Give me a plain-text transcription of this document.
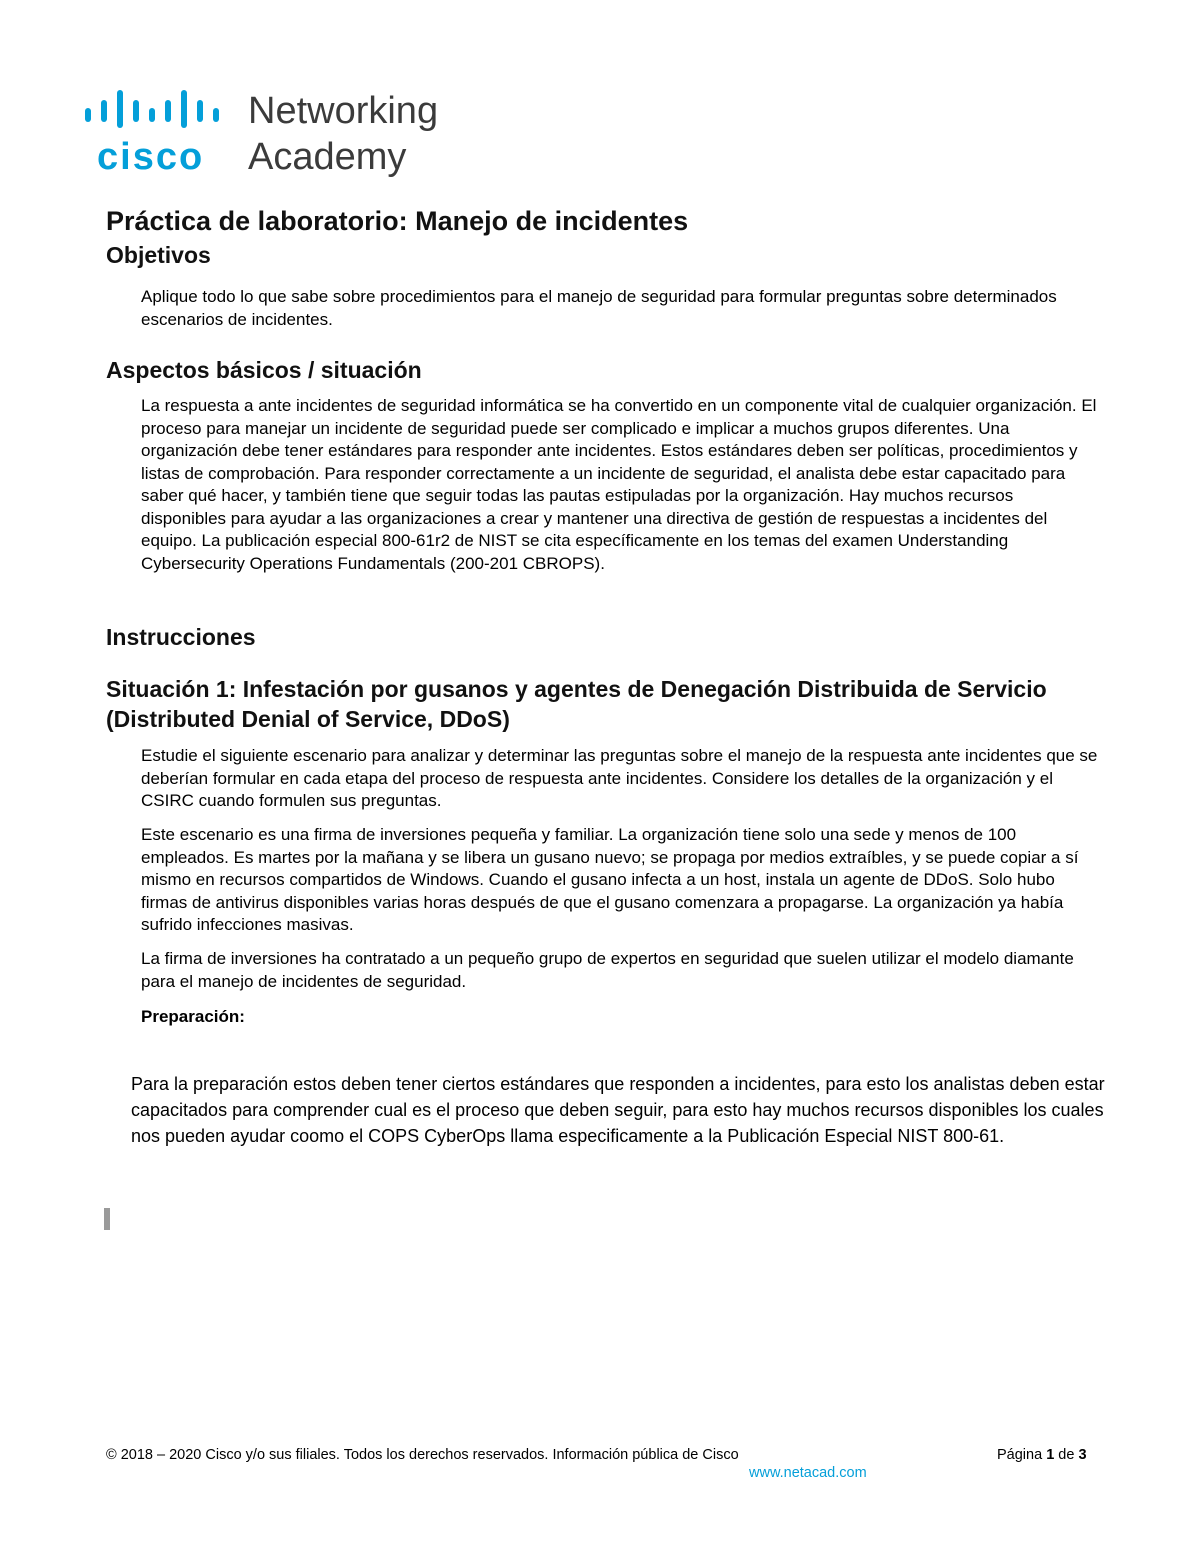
cisco
Networking
Academy
Práctica de laboratorio: Manejo de incidentes
Objetivos

Aplique todo lo que sabe sobre procedimientos para el manejo de seguridad para formular preguntas sobre determinados escenarios de incidentes.

Aspectos básicos / situación

La respuesta a ante incidentes de seguridad informática se ha convertido en un componente vital de cualquier organización. El proceso para manejar un incidente de seguridad puede ser complicado e implicar a muchos grupos diferentes. Una organización debe tener estándares para responder ante incidentes. Estos estándares deben ser políticas, procedimientos y listas de comprobación. Para responder correctamente a un incidente de seguridad, el analista debe estar capacitado para saber qué hacer, y también tiene que seguir todas las pautas estipuladas por la organización. Hay muchos recursos disponibles para ayudar a las organizaciones a crear y mantener una directiva de gestión de respuestas a incidentes del equipo. La publicación especial 800-61r2 de NIST se cita específicamente en los temas del examen Understanding Cybersecurity Operations Fundamentals (200-201 CBROPS).

Instrucciones
Situación 1: Infestación por gusanos y agentes de Denegación Distribuida de Servicio (Distributed Denial of Service, DDoS)

Estudie el siguiente escenario para analizar y determinar las preguntas sobre el manejo de la respuesta ante incidentes que se deberían formular en cada etapa del proceso de respuesta ante incidentes. Considere los detalles de la organización y el CSIRC cuando formulen sus preguntas.

Este escenario es una firma de inversiones pequeña y familiar. La organización tiene solo una sede y menos de 100 empleados. Es martes por la mañana y se libera un gusano nuevo; se propaga por medios extraíbles, y se puede copiar a sí mismo en recursos compartidos de Windows. Cuando el gusano infecta a un host, instala un agente de DDoS. Solo hubo firmas de antivirus disponibles varias horas después de que el gusano comenzara a propagarse. La organización ya había sufrido infecciones masivas.

La firma de inversiones ha contratado a un pequeño grupo de expertos en seguridad que suelen utilizar el modelo diamante para el manejo de incidentes de seguridad.

Preparación:

Para la preparación estos deben tener ciertos estándares que responden a incidentes, para esto los analistas deben estar capacitados para comprender cual es el proceso que deben seguir, para esto hay muchos recursos disponibles los cuales nos pueden ayudar coomo el COPS CyberOps llama especificamente a la Publicación Especial NIST 800-61.

© 2018 – 2020 Cisco y/o sus filiales. Todos los derechos reservados. Información pública de Cisco	Página 1 de 3
www.netacad.com
